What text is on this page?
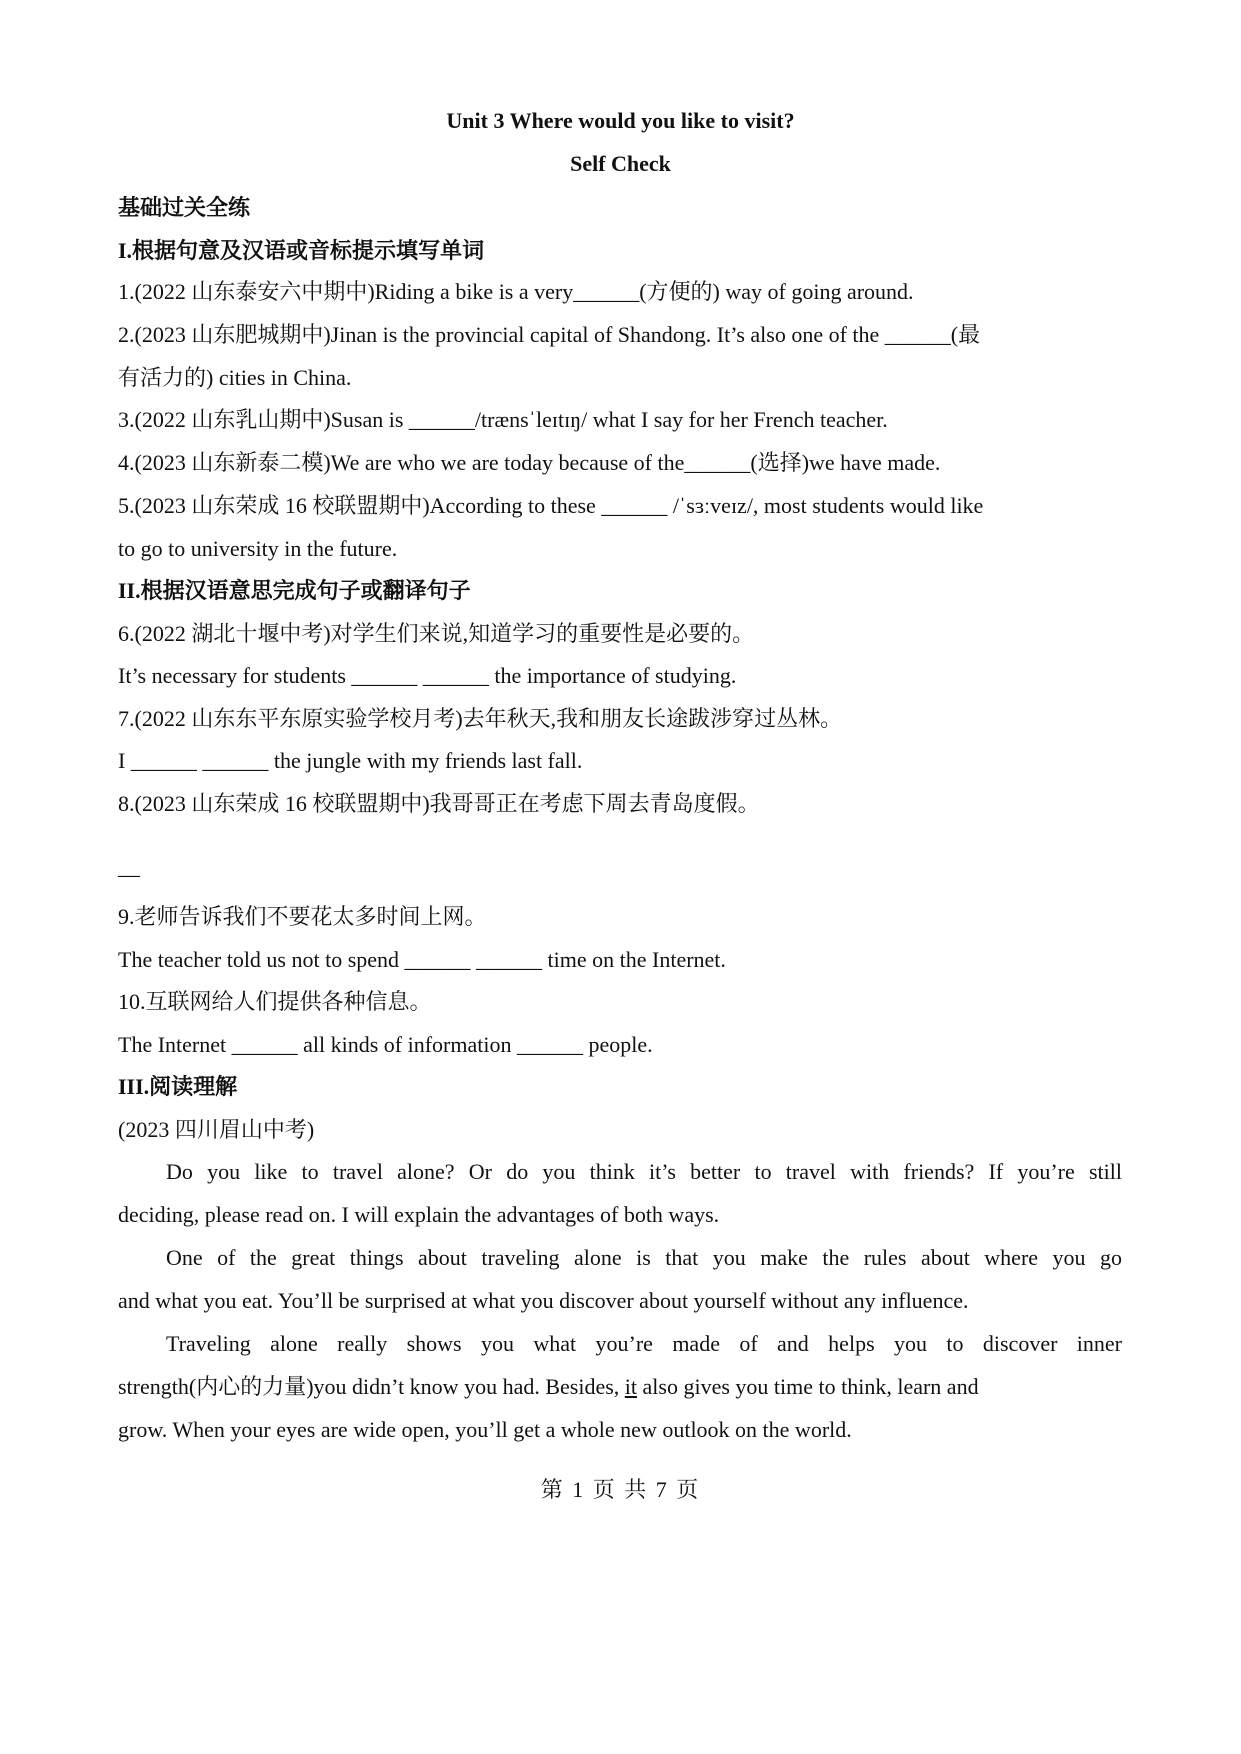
Unit 3 Where would you like to visit?
Self Check
基础过关全练
I.根据句意及汉语或音标提示填写单词
1.(2022 山东泰安六中期中)Riding a bike is a very______(方便的) way of going around.
2.(2023 山东肥城期中)Jinan is the provincial capital of Shandong. It’s also one of the ______(最
有活力的) cities in China.
3.(2022 山东乳山期中)Susan is ______/trænsˈleɪtɪŋ/ what I say for her French teacher.
4.(2023 山东新泰二模)We are who we are today because of the______(选择)we have made.
5.(2023 山东荣成 16 校联盟期中)According to these ______ /ˈsɜːveɪz/, most students would like
to go to university in the future.
II.根据汉语意思完成句子或翻译句子
6.(2022 湖北十堰中考)对学生们来说,知道学习的重要性是必要的。
It’s necessary for students ______ ______ the importance of studying.
7.(2022 山东东平东原实验学校月考)去年秋天,我和朋友长途跋涉穿过丛林。
I ______ ______ the jungle with my friends last fall.
8.(2023 山东荣成 16 校联盟期中)我哥哥正在考虑下周去青岛度假。
__
9.老师告诉我们不要花太多时间上网。
The teacher told us not to spend ______ ______ time on the Internet.
10.互联网给人们提供各种信息。
The Internet ______ all kinds of information ______ people.
III.阅读理解
(2023 四川眉山中考)
Do you like to travel alone? Or do you think it’s better to travel with friends? If you’re still
deciding, please read on. I will explain the advantages of both ways.
One of the great things about traveling alone is that you make the rules about where you go
and what you eat. You’ll be surprised at what you discover about yourself without any influence.
Traveling alone really shows you what you’re made of and helps you to discover inner
strength(内心的力量)you didn’t know you had. Besides, it also gives you time to think, learn and
grow. When your eyes are wide open, you’ll get a whole new outlook on the world.
第 1 页 共 7 页
